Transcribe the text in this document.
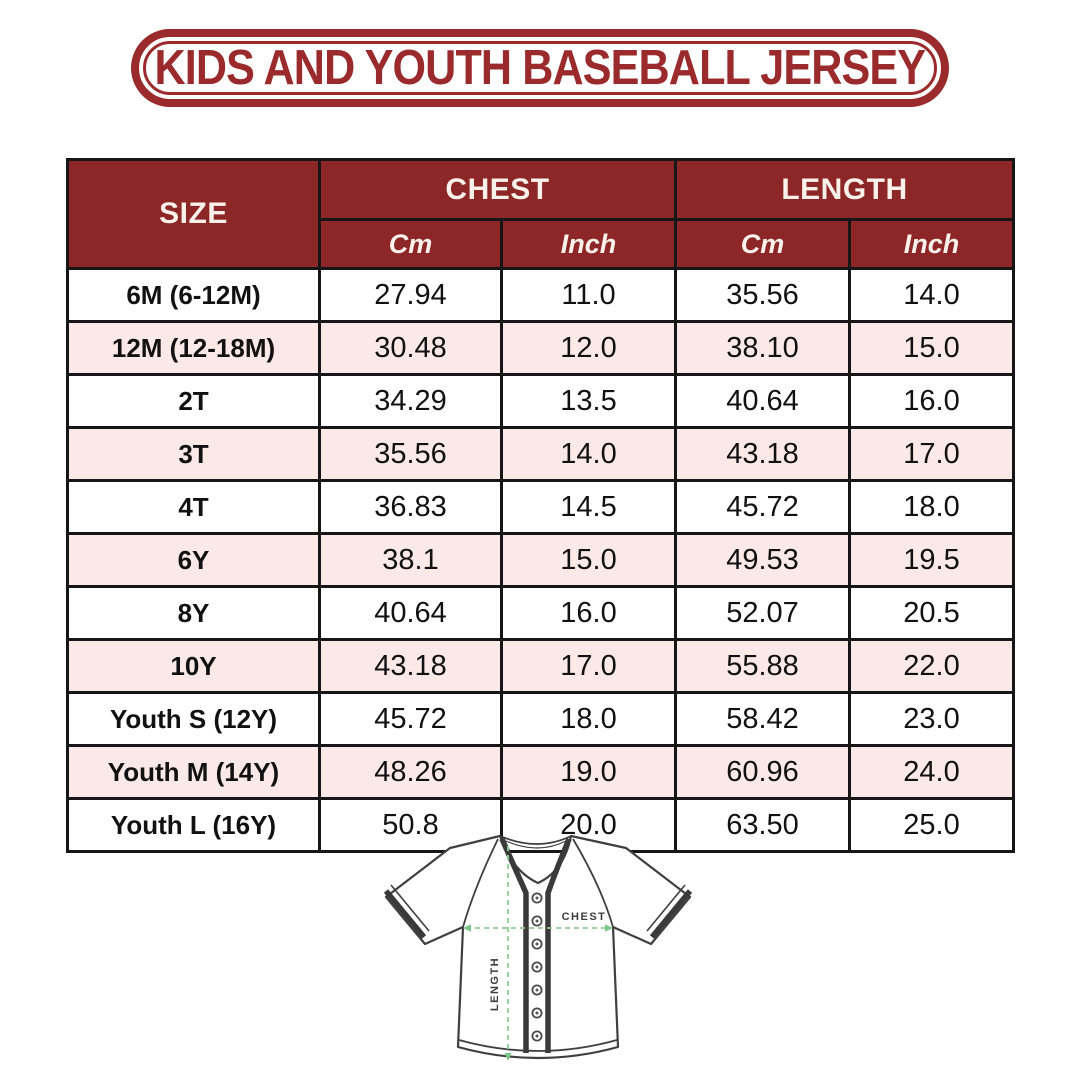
KIDS AND YOUTH BASEBALL JERSEY
SIZE	CHEST		LENGTH	
	Cm	Inch	Cm	Inch
6M (6-12M)	27.94	11.0	35.56	14.0
12M (12-18M)	30.48	12.0	38.10	15.0
2T	34.29	13.5	40.64	16.0
3T	35.56	14.0	43.18	17.0
4T	36.83	14.5	45.72	18.0
6Y	38.1	15.0	49.53	19.5
8Y	40.64	16.0	52.07	20.5
10Y	43.18	17.0	55.88	22.0
Youth S (12Y)	45.72	18.0	58.42	23.0
Youth M (14Y)	48.26	19.0	60.96	24.0
Youth L (16Y)	50.8	20.0	63.50	25.0
CHEST
LENGTH
